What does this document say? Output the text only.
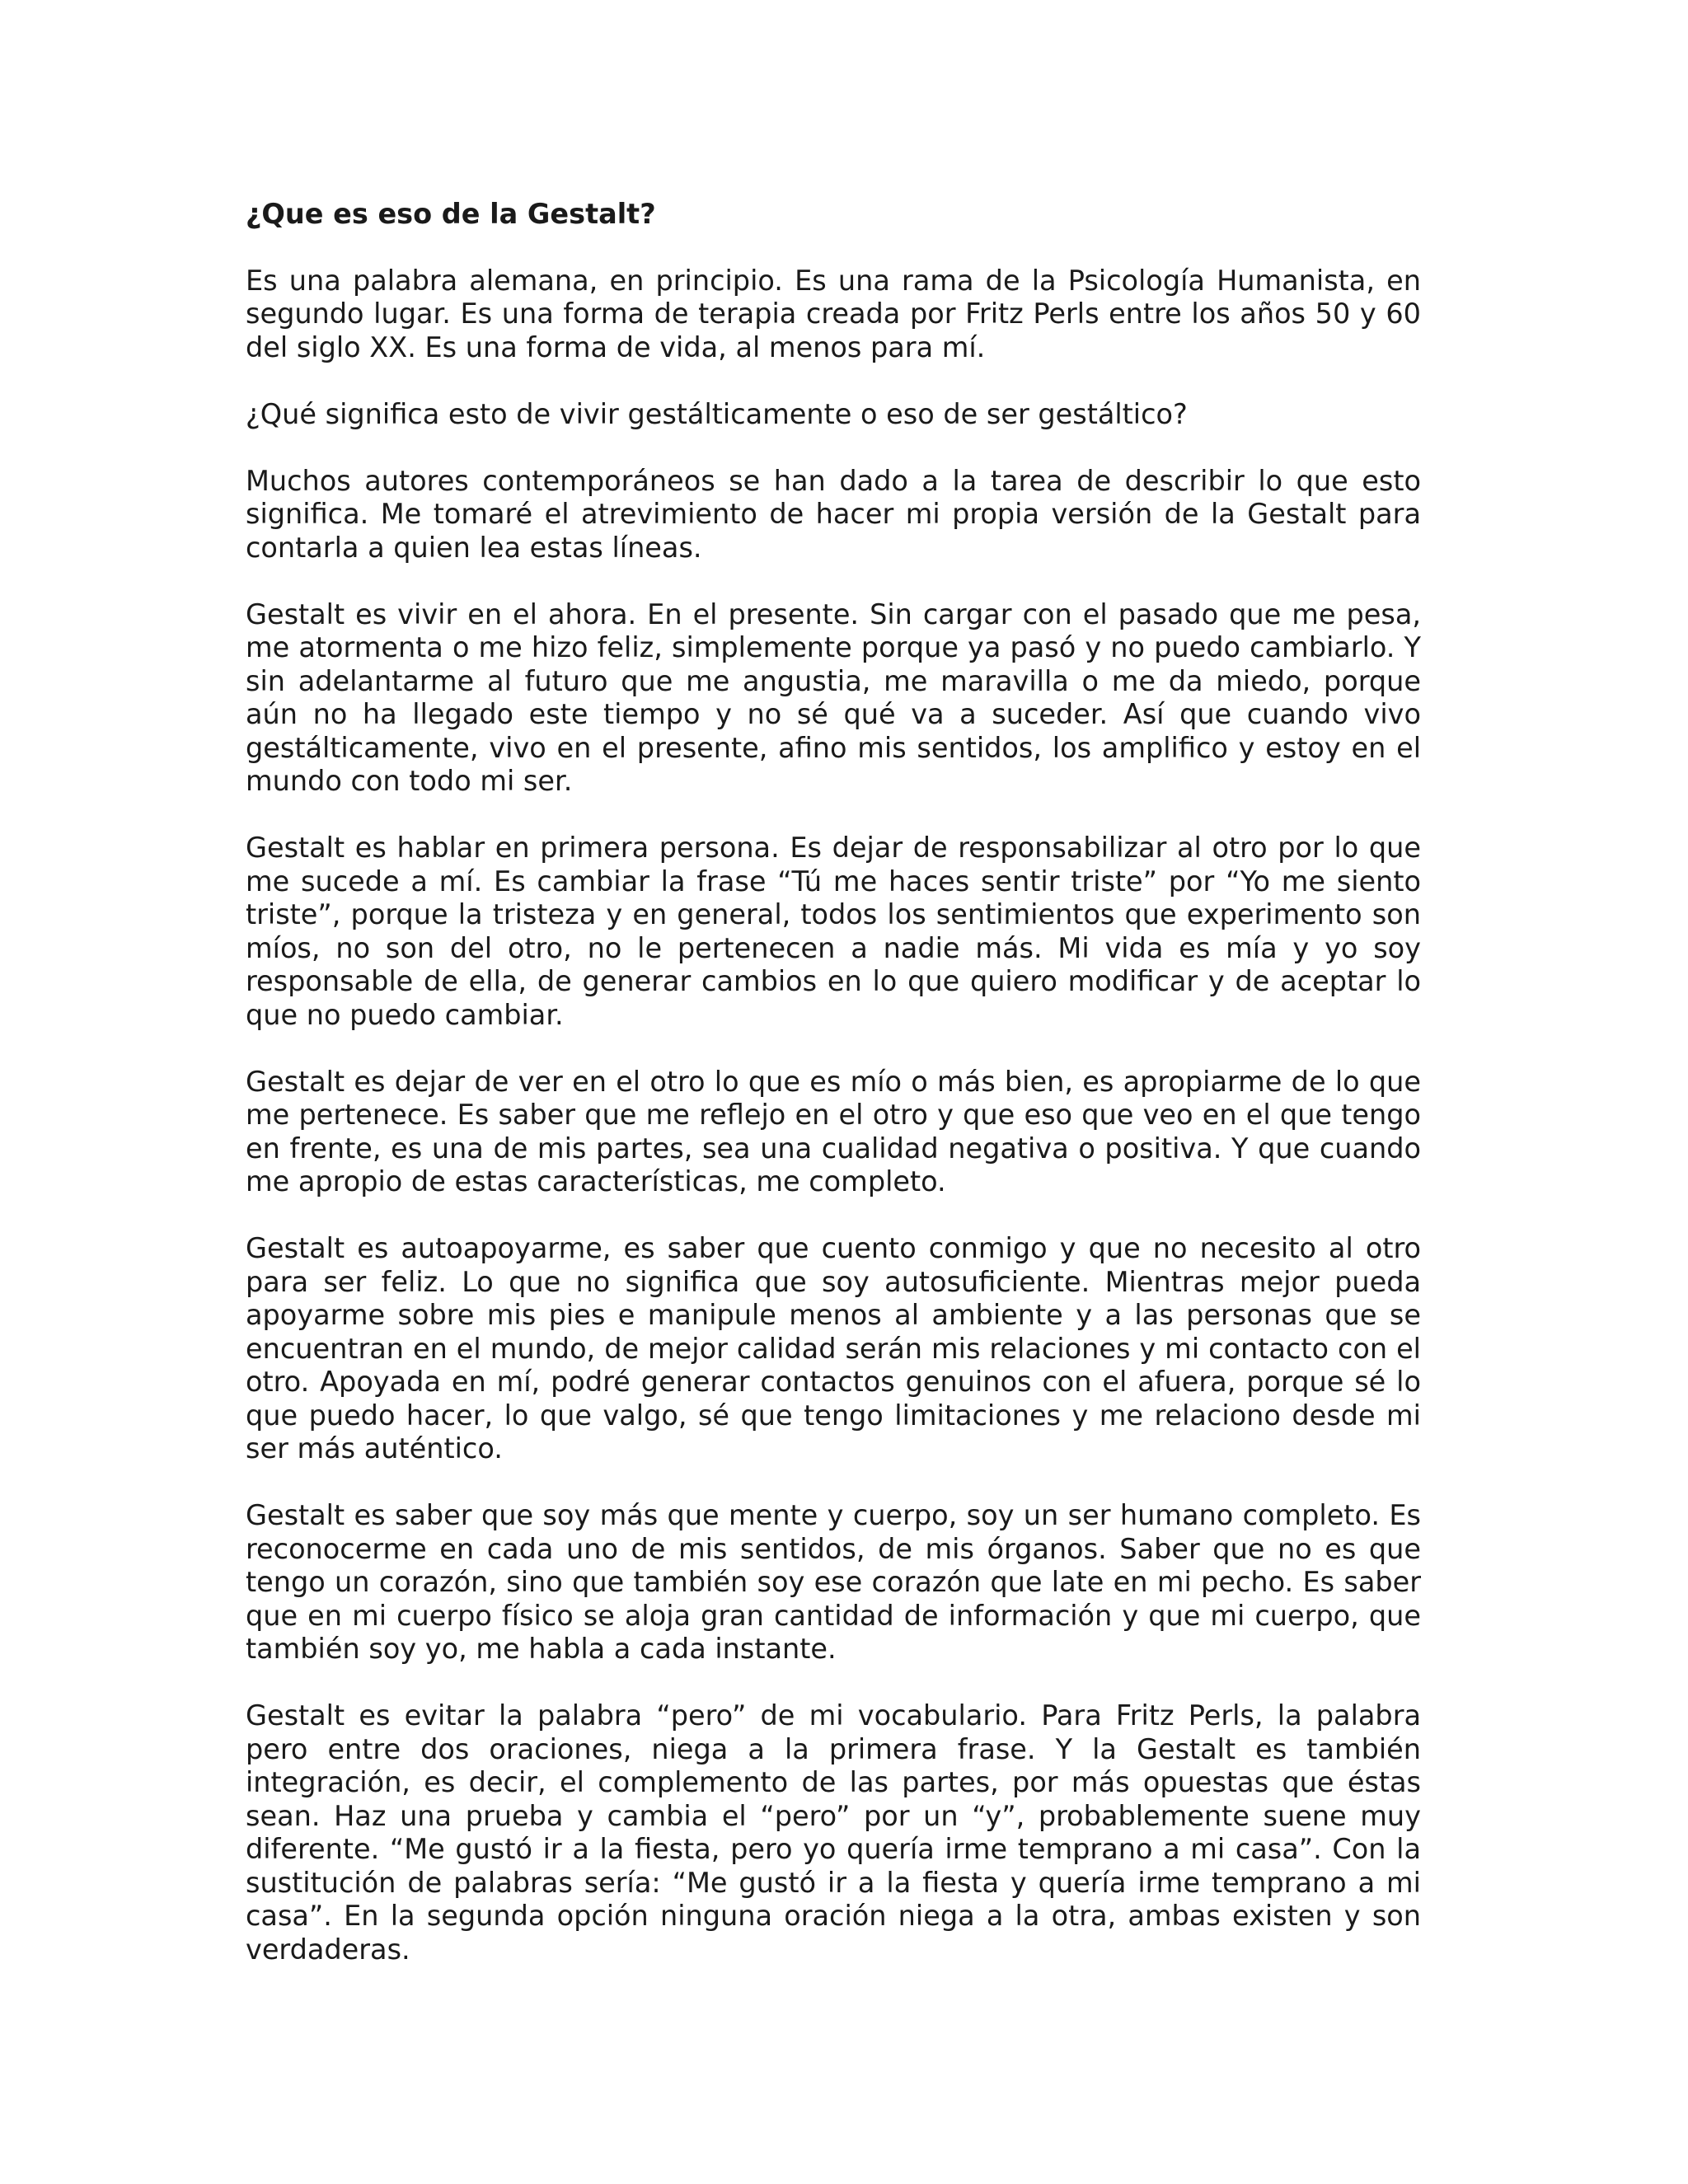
¿Que es eso de la Gestalt?

Es una palabra alemana, en principio. Es una rama de la Psicología Humanista, en segundo lugar. Es una forma de terapia creada por Fritz Perls entre los años 50 y 60 del siglo XX. Es una forma de vida, al menos para mí.

¿Qué significa esto de vivir gestálticamente o eso de ser gestáltico?

Muchos autores contemporáneos se han dado a la tarea de describir lo que esto significa. Me tomaré el atrevimiento de hacer mi propia versión de la Gestalt para contarla a quien lea estas líneas.

Gestalt es vivir en el ahora. En el presente. Sin cargar con el pasado que me pesa, me atormenta o me hizo feliz, simplemente porque ya pasó y no puedo cambiarlo. Y sin adelantarme al futuro que me angustia, me maravilla o me da miedo, porque aún no ha llegado este tiempo y no sé qué va a suceder. Así que cuando vivo gestálticamente, vivo en el presente, afino mis sentidos, los amplifico y estoy en el mundo con todo mi ser.

Gestalt es hablar en primera persona. Es dejar de responsabilizar al otro por lo que me sucede a mí. Es cambiar la frase “Tú me haces sentir triste” por “Yo me siento triste”, porque la tristeza y en general, todos los sentimientos que experimento son míos, no son del otro, no le pertenecen a nadie más. Mi vida es mía y yo soy responsable de ella, de generar cambios en lo que quiero modificar y de aceptar lo que no puedo cambiar.

Gestalt es dejar de ver en el otro lo que es mío o más bien, es apropiarme de lo que me pertenece. Es saber que me reflejo en el otro y que eso que veo en el que tengo en frente, es una de mis partes, sea una cualidad negativa o positiva. Y que cuando me apropio de estas características, me completo.

Gestalt es autoapoyarme, es saber que cuento conmigo y que no necesito al otro para ser feliz. Lo que no significa que soy autosuficiente. Mientras mejor pueda apoyarme sobre mis pies e manipule menos al ambiente y a las personas que se encuentran en el mundo, de mejor calidad serán mis relaciones y mi contacto con el otro. Apoyada en mí, podré generar contactos genuinos con el afuera, porque sé lo que puedo hacer, lo que valgo, sé que tengo limitaciones y me relaciono desde mi ser más auténtico.

Gestalt es saber que soy más que mente y cuerpo, soy un ser humano completo. Es reconocerme en cada uno de mis sentidos, de mis órganos. Saber que no es que tengo un corazón, sino que también soy ese corazón que late en mi pecho. Es saber que en mi cuerpo físico se aloja gran cantidad de información y que mi cuerpo, que también soy yo, me habla a cada instante.

Gestalt es evitar la palabra “pero” de mi vocabulario. Para Fritz Perls, la palabra pero entre dos oraciones, niega a la primera frase. Y la Gestalt es también integración, es decir, el complemento de las partes, por más opuestas que éstas sean. Haz una prueba y cambia el “pero” por un “y”, probablemente suene muy diferente. “Me gustó ir a la fiesta, pero yo quería irme temprano a mi casa”. Con la sustitución de palabras sería: “Me gustó ir a la fiesta y quería irme temprano a mi casa”. En la segunda opción ninguna oración niega a la otra, ambas existen y son verdaderas.
